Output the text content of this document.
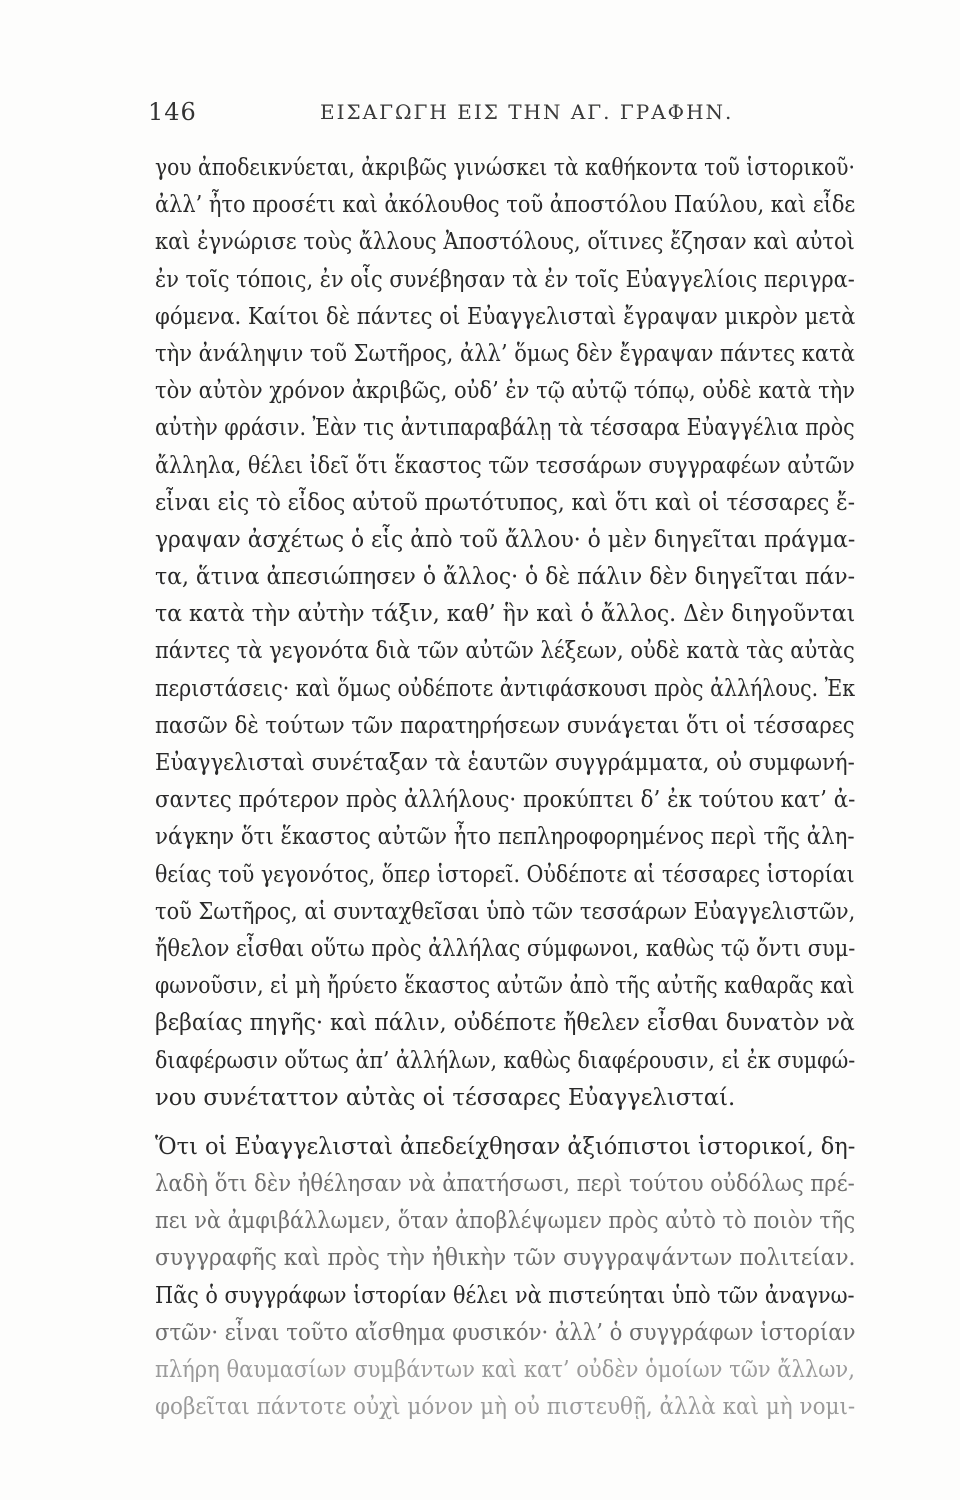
146	ΕΙΣΑΓΩΓΗ ΕΙΣ ΤΗΝ ΑΓ. ΓΡΑΦΗΝ.
γου ἀποδεικνύεται, ἀκριβῶς γινώσκει τὰ καθήκοντα τοῦ ἱστορικοῦ·
ἀλλ’ ἦτο προσέτι καὶ ἀκόλουθος τοῦ ἀποστόλου Παύλου, καὶ εἶδε
καὶ ἐγνώρισε τοὺς ἄλλους Ἀποστόλους, οἵτινες ἔζησαν καὶ αὐτοὶ
ἐν τοῖς τόποις, ἐν οἷς συνέβησαν τὰ ἐν τοῖς Εὐαγγελίοις περιγρα-
φόμενα. Καίτοι δὲ πάντες οἱ Εὐαγγελισταὶ ἔγραψαν μικρὸν μετὰ
τὴν ἀνάληψιν τοῦ Σωτῆρος, ἀλλ’ ὅμως δὲν ἔγραψαν πάντες κατὰ
τὸν αὐτὸν χρόνον ἀκριβῶς, οὐδ’ ἐν τῷ αὐτῷ τόπῳ, οὐδὲ κατὰ τὴν
αὐτὴν φράσιν. Ἐὰν τις ἀντιπαραβάλῃ τὰ τέσσαρα Εὐαγγέλια πρὸς
ἄλληλα, θέλει ἰδεῖ ὅτι ἕκαστος τῶν τεσσάρων συγγραφέων αὐτῶν
εἶναι εἰς τὸ εἶδος αὐτοῦ πρωτότυπος, καὶ ὅτι καὶ οἱ τέσσαρες ἔ-
γραψαν ἀσχέτως ὁ εἷς ἀπὸ τοῦ ἄλλου· ὁ μὲν διηγεῖται πράγμα-
τα, ἅτινα ἀπεσιώπησεν ὁ ἄλλος· ὁ δὲ πάλιν δὲν διηγεῖται πάν-
τα κατὰ τὴν αὐτὴν τάξιν, καθ’ ἣν καὶ ὁ ἄλλος. Δὲν διηγοῦνται
πάντες τὰ γεγονότα διὰ τῶν αὐτῶν λέξεων, οὐδὲ κατὰ τὰς αὐτὰς
περιστάσεις· καὶ ὅμως οὐδέποτε ἀντιφάσκουσι πρὸς ἀλλήλους. Ἐκ
πασῶν δὲ τούτων τῶν παρατηρήσεων συνάγεται ὅτι οἱ τέσσαρες
Εὐαγγελισταὶ συνέταξαν τὰ ἑαυτῶν συγγράμματα, οὐ συμφωνή-
σαντες πρότερον πρὸς ἀλλήλους· προκύπτει δ’ ἐκ τούτου κατ’ ἀ-
νάγκην ὅτι ἕκαστος αὐτῶν ἦτο πεπληροφορημένος περὶ τῆς ἀλη-
θείας τοῦ γεγονότος, ὅπερ ἱστορεῖ. Οὐδέποτε αἱ τέσσαρες ἱστορίαι
τοῦ Σωτῆρος, αἱ συνταχθεῖσαι ὑπὸ τῶν τεσσάρων Εὐαγγελιστῶν,
ἤθελον εἶσθαι οὕτω πρὸς ἀλλήλας σύμφωνοι, καθὼς τῷ ὄντι συμ-
φωνοῦσιν, εἰ μὴ ἤρύετο ἕκαστος αὐτῶν ἀπὸ τῆς αὐτῆς καθαρᾶς καὶ
βεβαίας πηγῆς· καὶ πάλιν, οὐδέποτε ἤθελεν εἶσθαι δυνατὸν νὰ
διαφέρωσιν οὕτως ἀπ’ ἀλλήλων, καθὼς διαφέρουσιν, εἰ ἐκ συμφώ-
νου συνέταττον αὐτὰς οἱ τέσσαρες Εὐαγγελισταί.
Ὅτι οἱ Εὐαγγελισταὶ ἀπεδείχθησαν ἀξιόπιστοι ἱστορικοί, δη-
λαδὴ ὅτι δὲν ἠθέλησαν νὰ ἀπατήσωσι, περὶ τούτου οὐδόλως πρέ-
πει νὰ ἀμφιβάλλωμεν, ὅταν ἀποβλέψωμεν πρὸς αὐτὸ τὸ ποιὸν τῆς
συγγραφῆς καὶ πρὸς τὴν ἠθικὴν τῶν συγγραψάντων πολιτείαν.
Πᾶς ὁ συγγράφων ἱστορίαν θέλει νὰ πιστεύηται ὑπὸ τῶν ἀναγνω-
στῶν· εἶναι τοῦτο αἴσθημα φυσικόν· ἀλλ’ ὁ συγγράφων ἱστορίαν
πλήρη θαυμασίων συμβάντων καὶ κατ’ οὐδὲν ὁμοίων τῶν ἄλλων,
φοβεῖται πάντοτε οὐχὶ μόνον μὴ οὐ πιστευθῇ, ἀλλὰ καὶ μὴ νομι-
